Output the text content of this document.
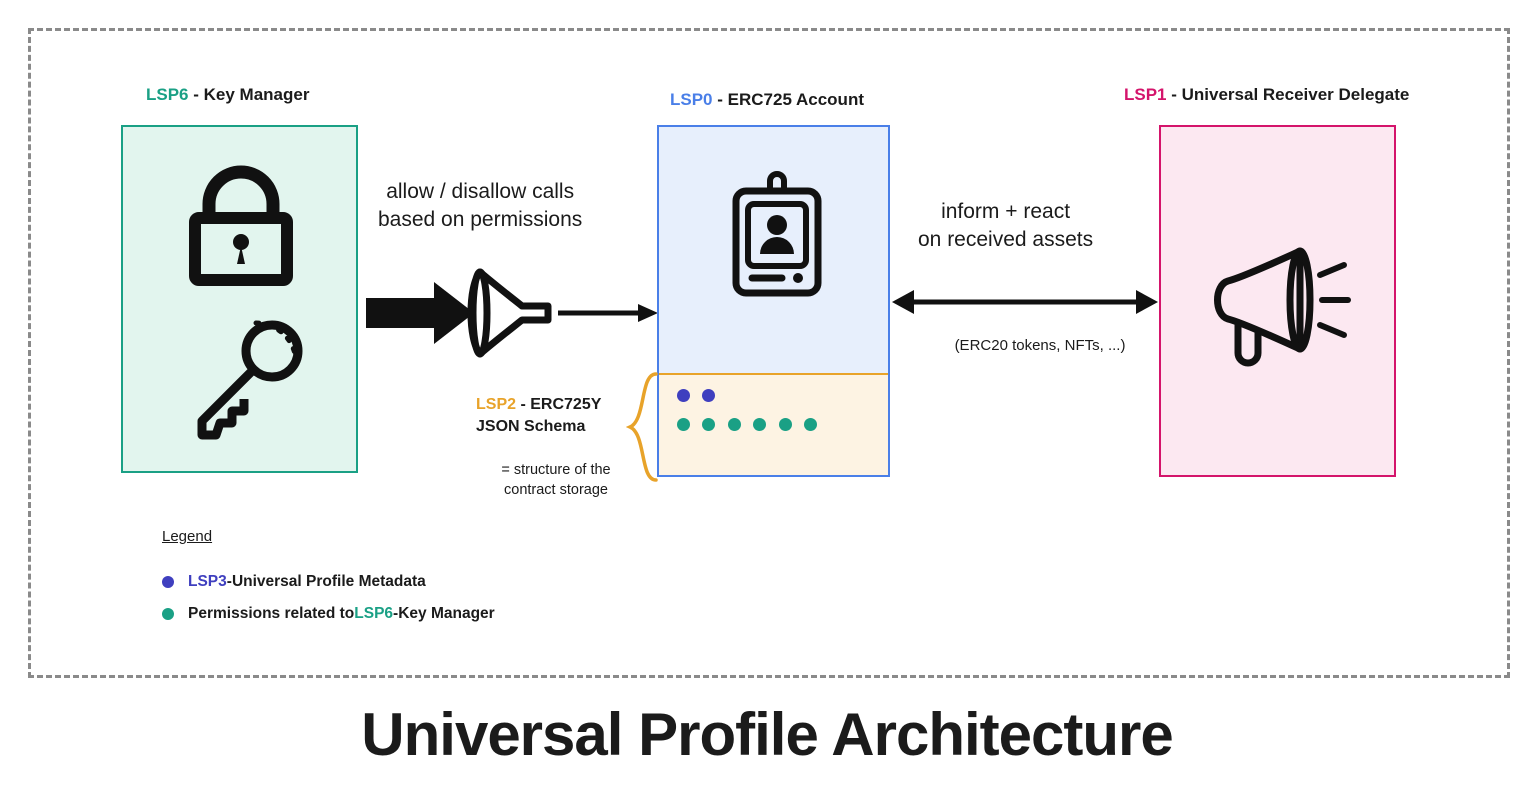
LSP6 - Key Manager
allow / disallow calls
based on permissions
LSP0 - ERC725 Account

LSP2 - ERC725Y
JSON Schema
= structure of the
contract storage
inform + react
on received assets
(ERC20 tokens, NFTs, ...)
LSP1 - Universal Receiver Delegate
Legend
LSP3 - Universal Profile Metadata
Permissions related to LSP6 - Key Manager
Universal Profile Architecture
